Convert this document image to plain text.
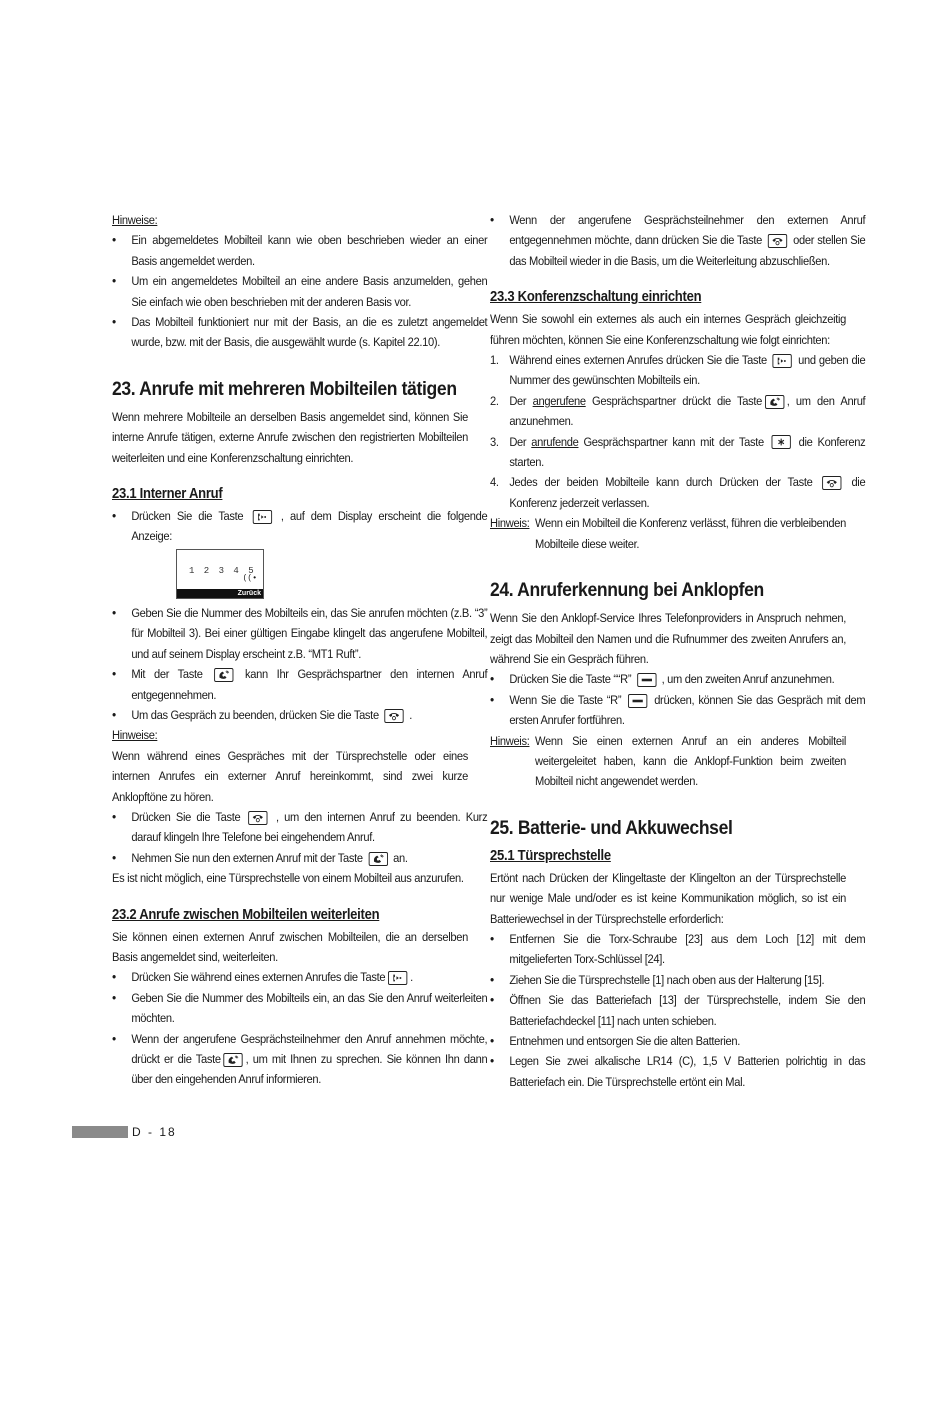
Hinweise:

• Ein abgemeldetes Mobilteil kann wie oben beschrieben wieder an einer Basis angemeldet werden.
• Um ein angemeldetes Mobilteil an eine andere Basis anzumelden, gehen Sie einfach wie oben beschrieben mit der anderen Basis vor.
• Das Mobilteil funktioniert nur mit der Basis, an die es zuletzt angemeldet wurde, bzw. mit der Basis, die ausgewählt wurde (s. Kapitel 22.10).
23. Anrufe mit mehreren Mobilteilen tätigen

Wenn mehrere Mobilteile an derselben Basis angemeldet sind, können Sie interne Anrufe tätigen, externe Anrufe zwischen den registrierten Mobilteilen weiterleiten und eine Konferenzschaltung einrichten.

23.1 Interner Anruf
• Drücken Sie die Taste	, auf dem Display erscheint die folgende Anzeige:
1 2 3 4 5
((•
Zurück
• Geben Sie die Nummer des Mobilteils ein, das Sie anrufen möchten (z.B. “3” für Mobilteil 3). Bei einer gültigen Eingabe klingelt das angerufene Mobilteil, und auf seinem Display erscheint z.B. “MT1 Ruft”.
• Mit der Taste	kann Ihr Gesprächspartner den internen Anruf entgegennehmen.
• Um das Gespräch zu beenden, drücken Sie die Taste	.

Hinweise:

Wenn während eines Gespräches mit der Türsprechstelle oder eines internen Anrufes ein externer Anruf hereinkommt, sind zwei kurze Anklopftöne zu hören.

• Drücken Sie die Taste	, um den internen Anruf zu beenden. Kurz darauf klingeln Ihre Telefone bei eingehendem Anruf.
• Nehmen Sie nun den externen Anruf mit der Taste	an.

Es ist nicht möglich, eine Türsprechstelle von einem Mobilteil aus anzurufen.

23.2 Anrufe zwischen Mobilteilen weiterleiten

Sie können einen externen Anruf zwischen Mobilteilen, die an derselben Basis angemeldet sind, weiterleiten.

• Drücken Sie während eines externen Anrufes die Taste .
• Geben Sie die Nummer des Mobilteils ein, an das Sie den Anruf weiterleiten möchten.
• Wenn der angerufene Gesprächsteilnehmer den Anruf annehmen möchte, drückt er die Taste , um mit Ihnen zu sprechen. Sie können Ihn dann über den eingehenden Anruf informieren.
• Wenn der angerufene Gesprächsteilnehmer den externen Anruf entgegennehmen möchte, dann drücken Sie die Taste	oder stellen Sie das Mobilteil wieder in die Basis, um die Weiterleitung abzuschließen.
23.3 Konferenzschaltung einrichten

Wenn Sie sowohl ein externes als auch ein internes Gespräch gleichzeitig führen möchten, können Sie eine Konferenzschaltung wie folgt einrichten:

1. Während eines externen Anrufes drücken Sie die Taste	und geben die Nummer des gewünschten Mobilteils ein.
2. Der angerufene Gesprächspartner drückt die Taste , um den Anruf anzunehmen.
3. Der anrufende Gesprächspartner kann mit der Taste	die Konferenz starten.
4. Jedes der beiden Mobilteile kann durch Drücken der Taste	die Konferenz jederzeit verlassen.

Hinweis: Wenn ein Mobilteil die Konferenz verlässt, führen die verbleibenden Mobilteile diese weiter.

24. Anruferkennung bei Anklopfen

Wenn Sie den Anklopf-Service Ihres Telefonproviders in Anspruch nehmen, zeigt das Mobilteil den Namen und die Rufnummer des zweiten Anrufers an, während Sie ein Gespräch führen.

• Drücken Sie die Taste ““R”	, um den zweiten Anruf anzunehmen.
• Wenn Sie die Taste “R”	drücken, können Sie das Gespräch mit dem ersten Anrufer fortführen.

Hinweis: Wenn Sie einen externen Anruf an ein anderes Mobilteil weitergeleitet haben, kann die Anklopf-Funktion beim zweiten Mobilteil nicht angewendet werden.

25. Batterie- und Akkuwechsel
25.1 Türsprechstelle

Ertönt nach Drücken der Klingeltaste der Klingelton an der Türsprechstelle nur wenige Male und/oder es ist keine Kommunikation möglich, so ist ein Batteriewechsel in der Türsprechstelle erforderlich:

• Entfernen Sie die Torx-Schraube [23] aus dem Loch [12] mit dem mitgelieferten Torx-Schlüssel [24].
• Ziehen Sie die Türsprechstelle [1] nach oben aus der Halterung [15].
• Öffnen Sie das Batteriefach [13] der Türsprechstelle, indem Sie den Batteriefachdeckel [11] nach unten schieben.
• Entnehmen und entsorgen Sie die alten Batterien.
• Legen Sie zwei alkalische LR14 (C), 1,5 V Batterien polrichtig in das Batteriefach ein. Die Türsprechstelle ertönt ein Mal.
D - 18
